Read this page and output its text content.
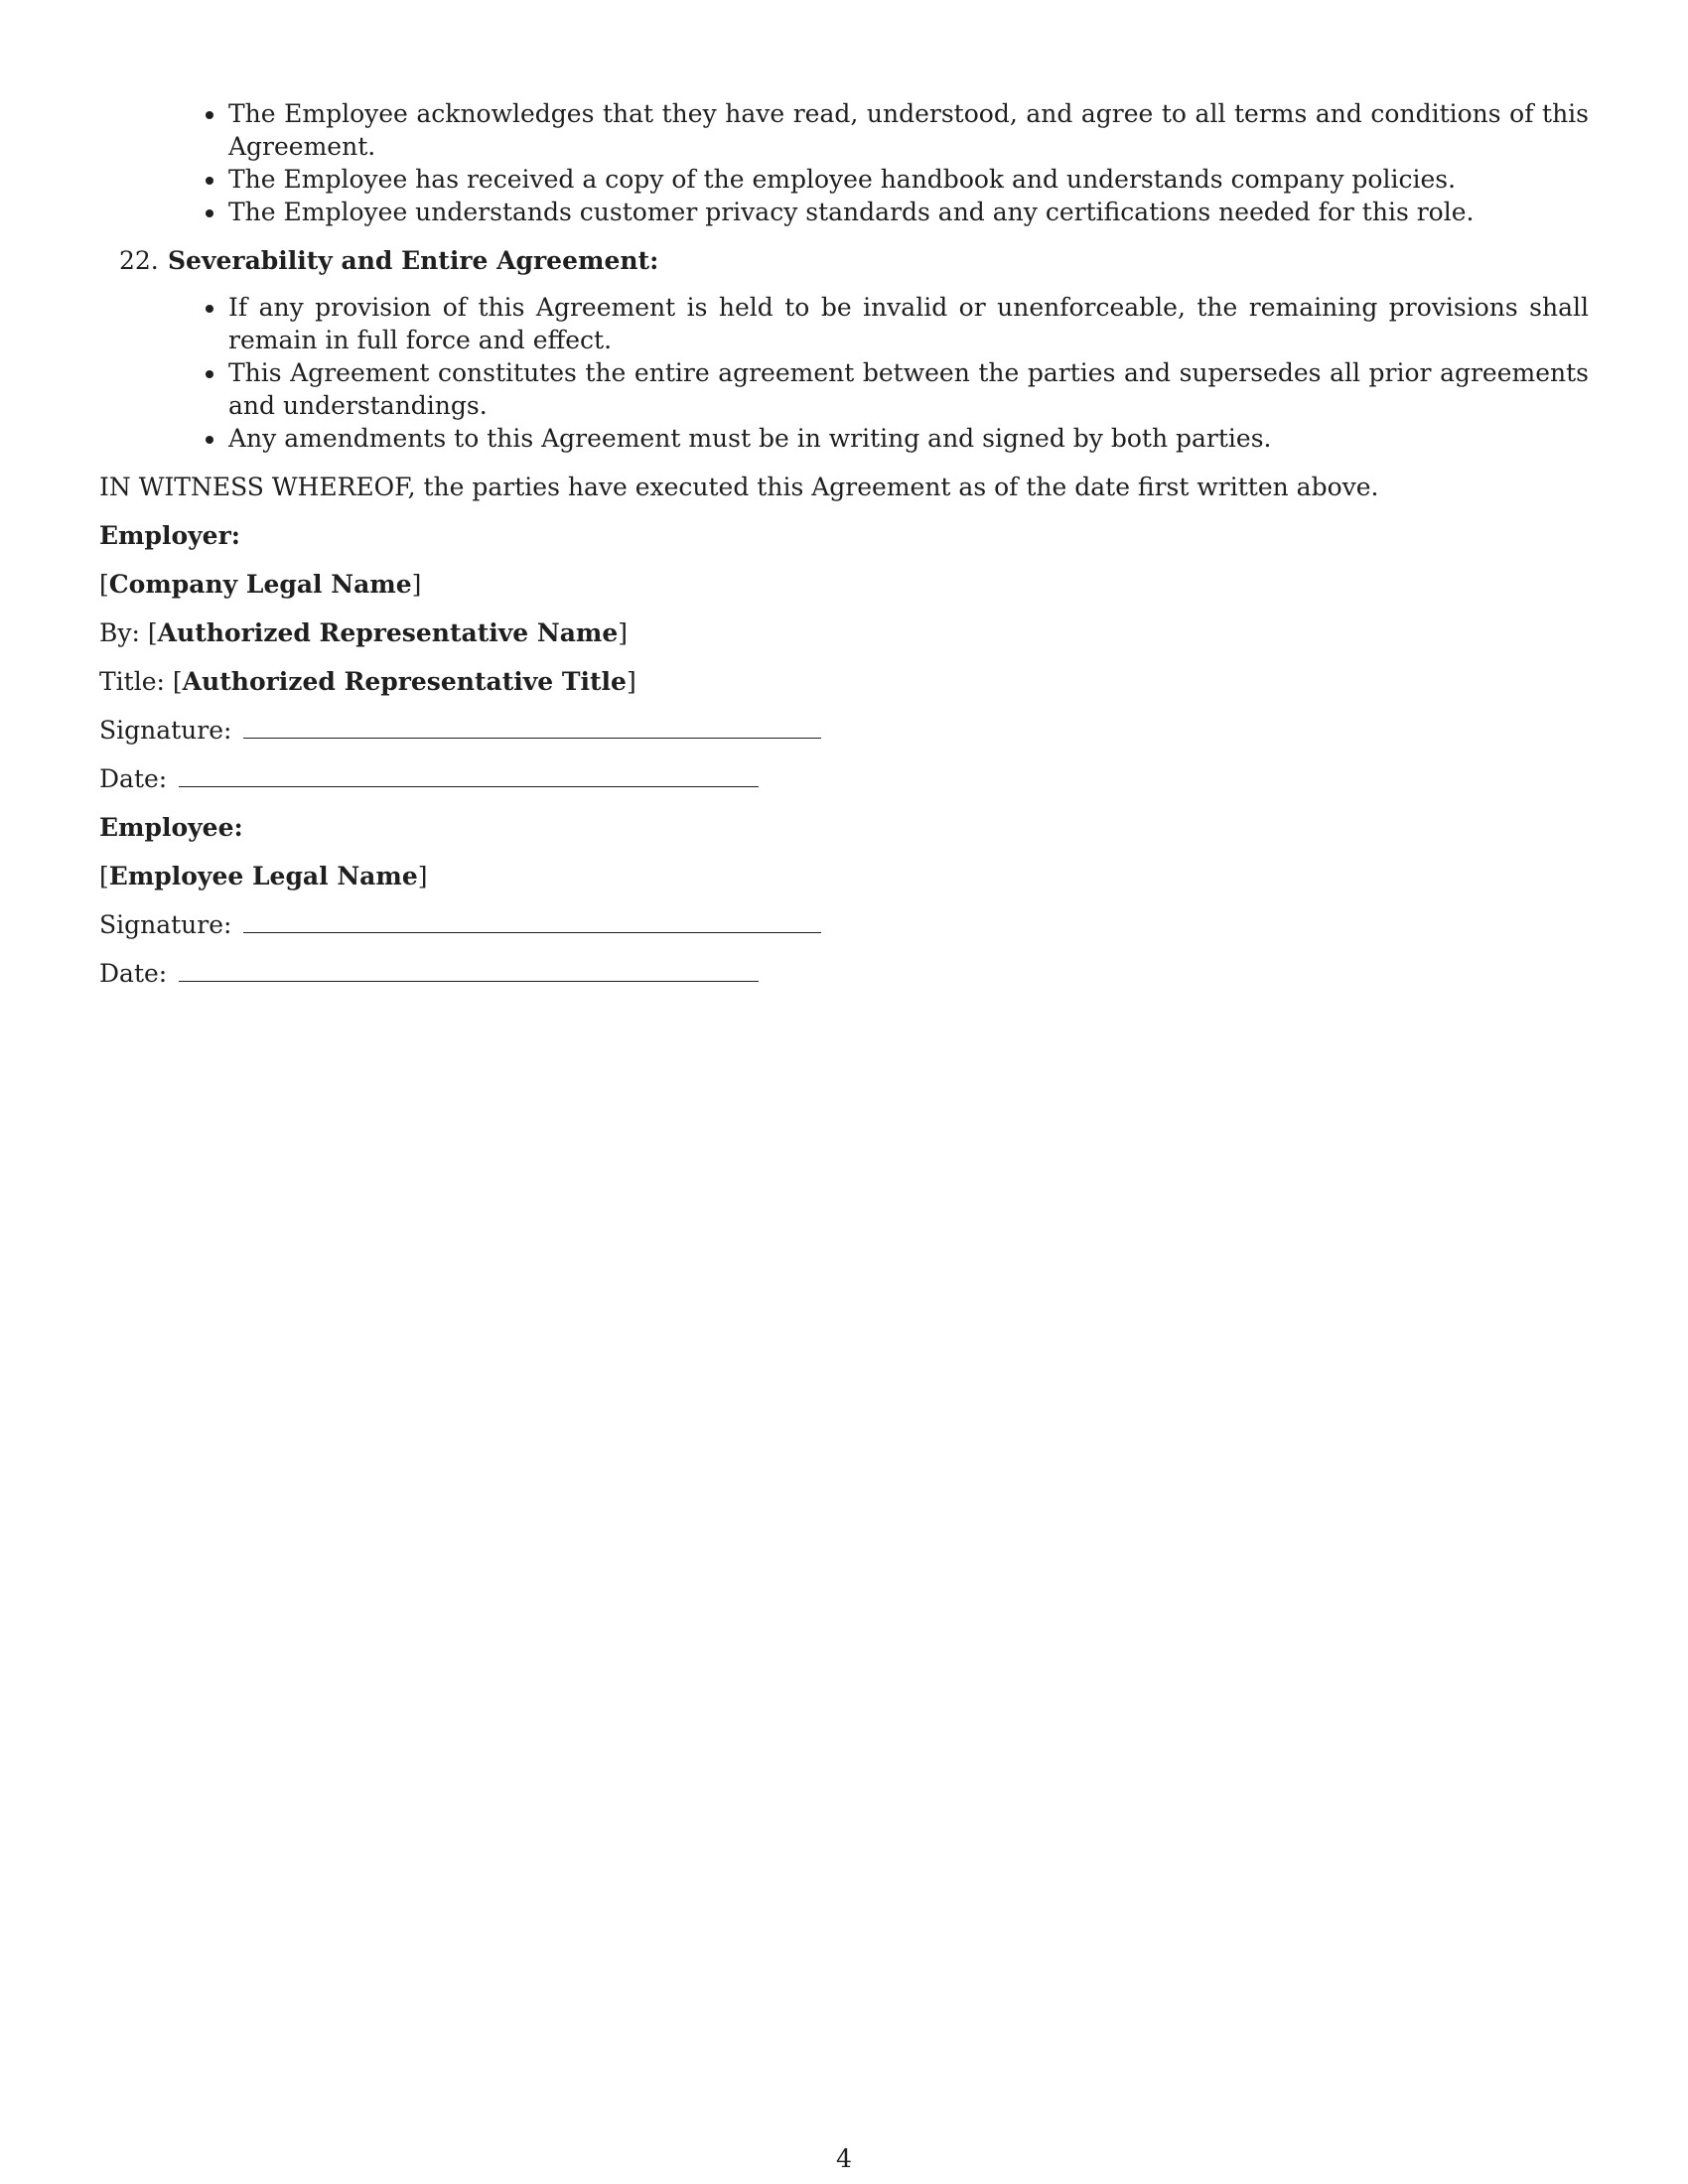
The Employee acknowledges that they have read, understood, and agree to all terms and conditions of this Agreement.
The Employee has received a copy of the employee handbook and understands company policies.
The Employee understands customer privacy standards and any certifications needed for this role.
22. Severability and Entire Agreement:
If any provision of this Agreement is held to be invalid or unenforceable, the remaining provisions shall remain in full force and effect.
This Agreement constitutes the entire agreement between the parties and supersedes all prior agreements and understandings.
Any amendments to this Agreement must be in writing and signed by both parties.
IN WITNESS WHEREOF, the parties have executed this Agreement as of the date first written above.
Employer:
[Company Legal Name]
By: [Authorized Representative Name]
Title: [Authorized Representative Title]
Signature:
Date:
Employee:
[Employee Legal Name]
Signature:
Date:
4
